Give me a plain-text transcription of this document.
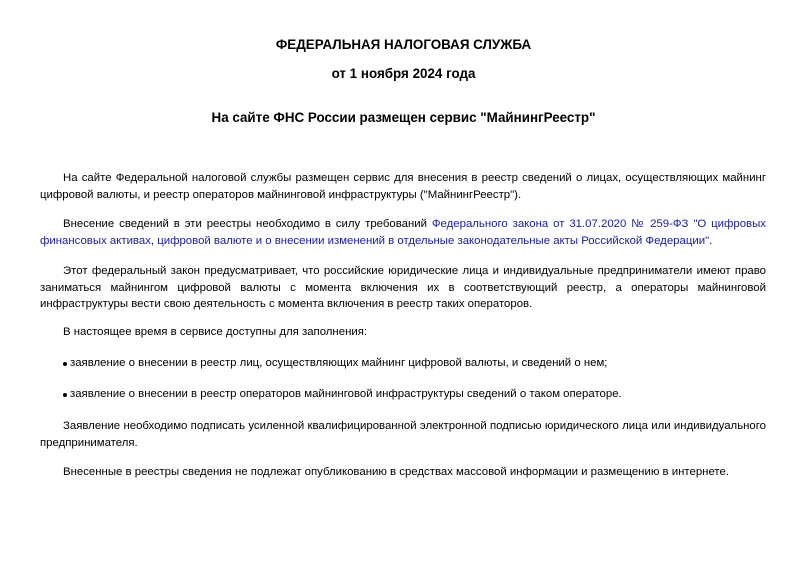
ФЕДЕРАЛЬНАЯ НАЛОГОВАЯ СЛУЖБА
от 1 ноября 2024 года
На сайте ФНС России размещен сервис "МайнингРеестр"

На сайте Федеральной налоговой службы размещен сервис для внесения в реестр сведений о лицах, осуществляющих майнинг цифровой валюты, и реестр операторов майнинговой инфраструктуры ("МайнингРеестр").

Внесение сведений в эти реестры необходимо в силу требований Федерального закона от 31.07.2020 № 259-ФЗ "О цифровых финансовых активах, цифровой валюте и о внесении изменений в отдельные законодательные акты Российской Федерации".

Этот федеральный закон предусматривает, что российские юридические лица и индивидуальные предприниматели имеют право заниматься майнингом цифровой валюты с момента включения их в соответствующий реестр, а операторы майнинговой инфраструктуры вести свою деятельность с момента включения в реестр таких операторов.

В настоящее время в сервисе доступны для заполнения:

заявление о внесении в реестр лиц, осуществляющих майнинг цифровой валюты, и сведений о нем;
заявление о внесении в реестр операторов майнинговой инфраструктуры сведений о таком операторе.

Заявление необходимо подписать усиленной квалифицированной электронной подписью юридического лица или индивидуального предпринимателя.

Внесенные в реестры сведения не подлежат опубликованию в средствах массовой информации и размещению в интернете.
